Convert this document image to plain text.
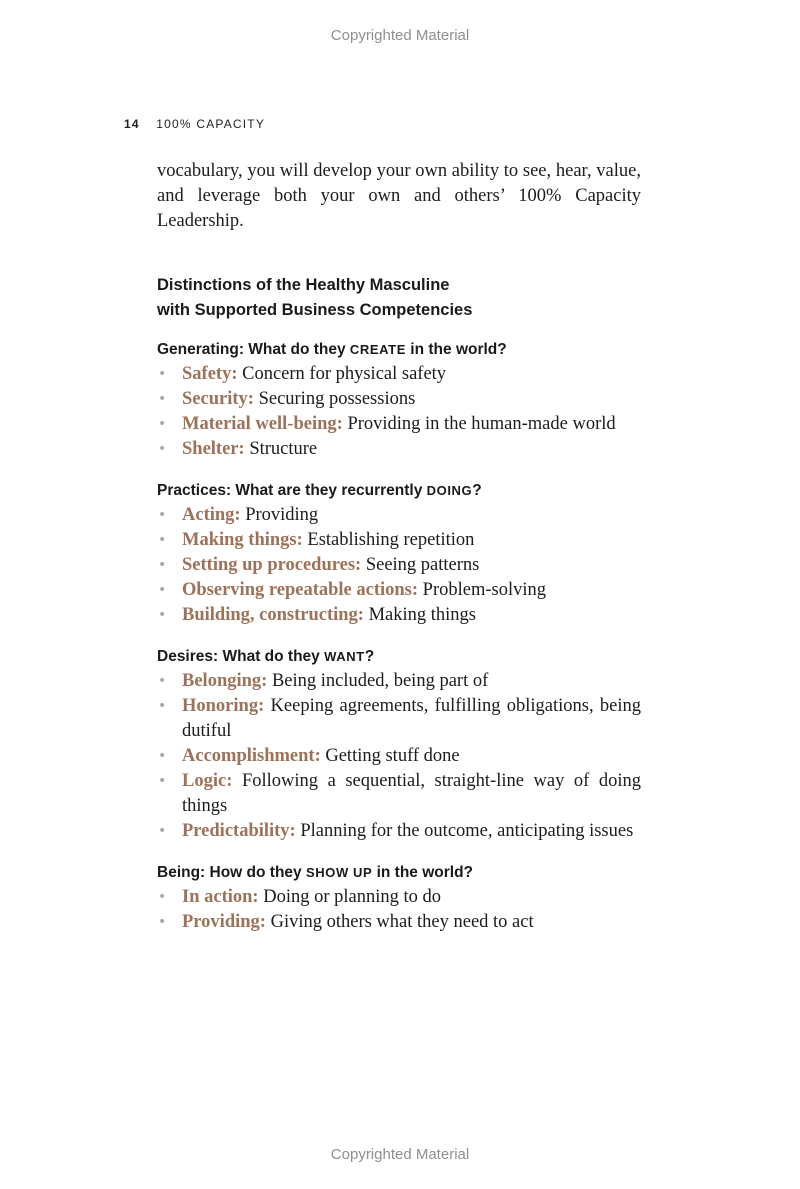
Copyrighted Material
14 100% CAPACITY

vocabulary, you will develop your own ability to see, hear, value, and leverage both your own and others’ 100% Capacity Leadership.

Distinctions of the Healthy Masculine
with Supported Business Competencies
Generating: What do they CREATE in the world?
• Safety: Concern for physical safety
• Security: Securing possessions
• Material well-being: Providing in the human-made world
• Shelter: Structure
Practices: What are they recurrently DOING?
• Acting: Providing
• Making things: Establishing repetition
• Setting up procedures: Seeing patterns
• Observing repeatable actions: Problem-solving
• Building, constructing: Making things
Desires: What do they WANT?
• Belonging: Being included, being part of
• Honoring: Keeping agreements, fulfilling obligations, being dutiful
• Accomplishment: Getting stuff done
• Logic: Following a sequential, straight-line way of doing things
• Predictability: Planning for the outcome, anticipating issues
Being: How do they SHOW UP in the world?
• In action: Doing or planning to do
• Providing: Giving others what they need to act
Copyrighted Material
